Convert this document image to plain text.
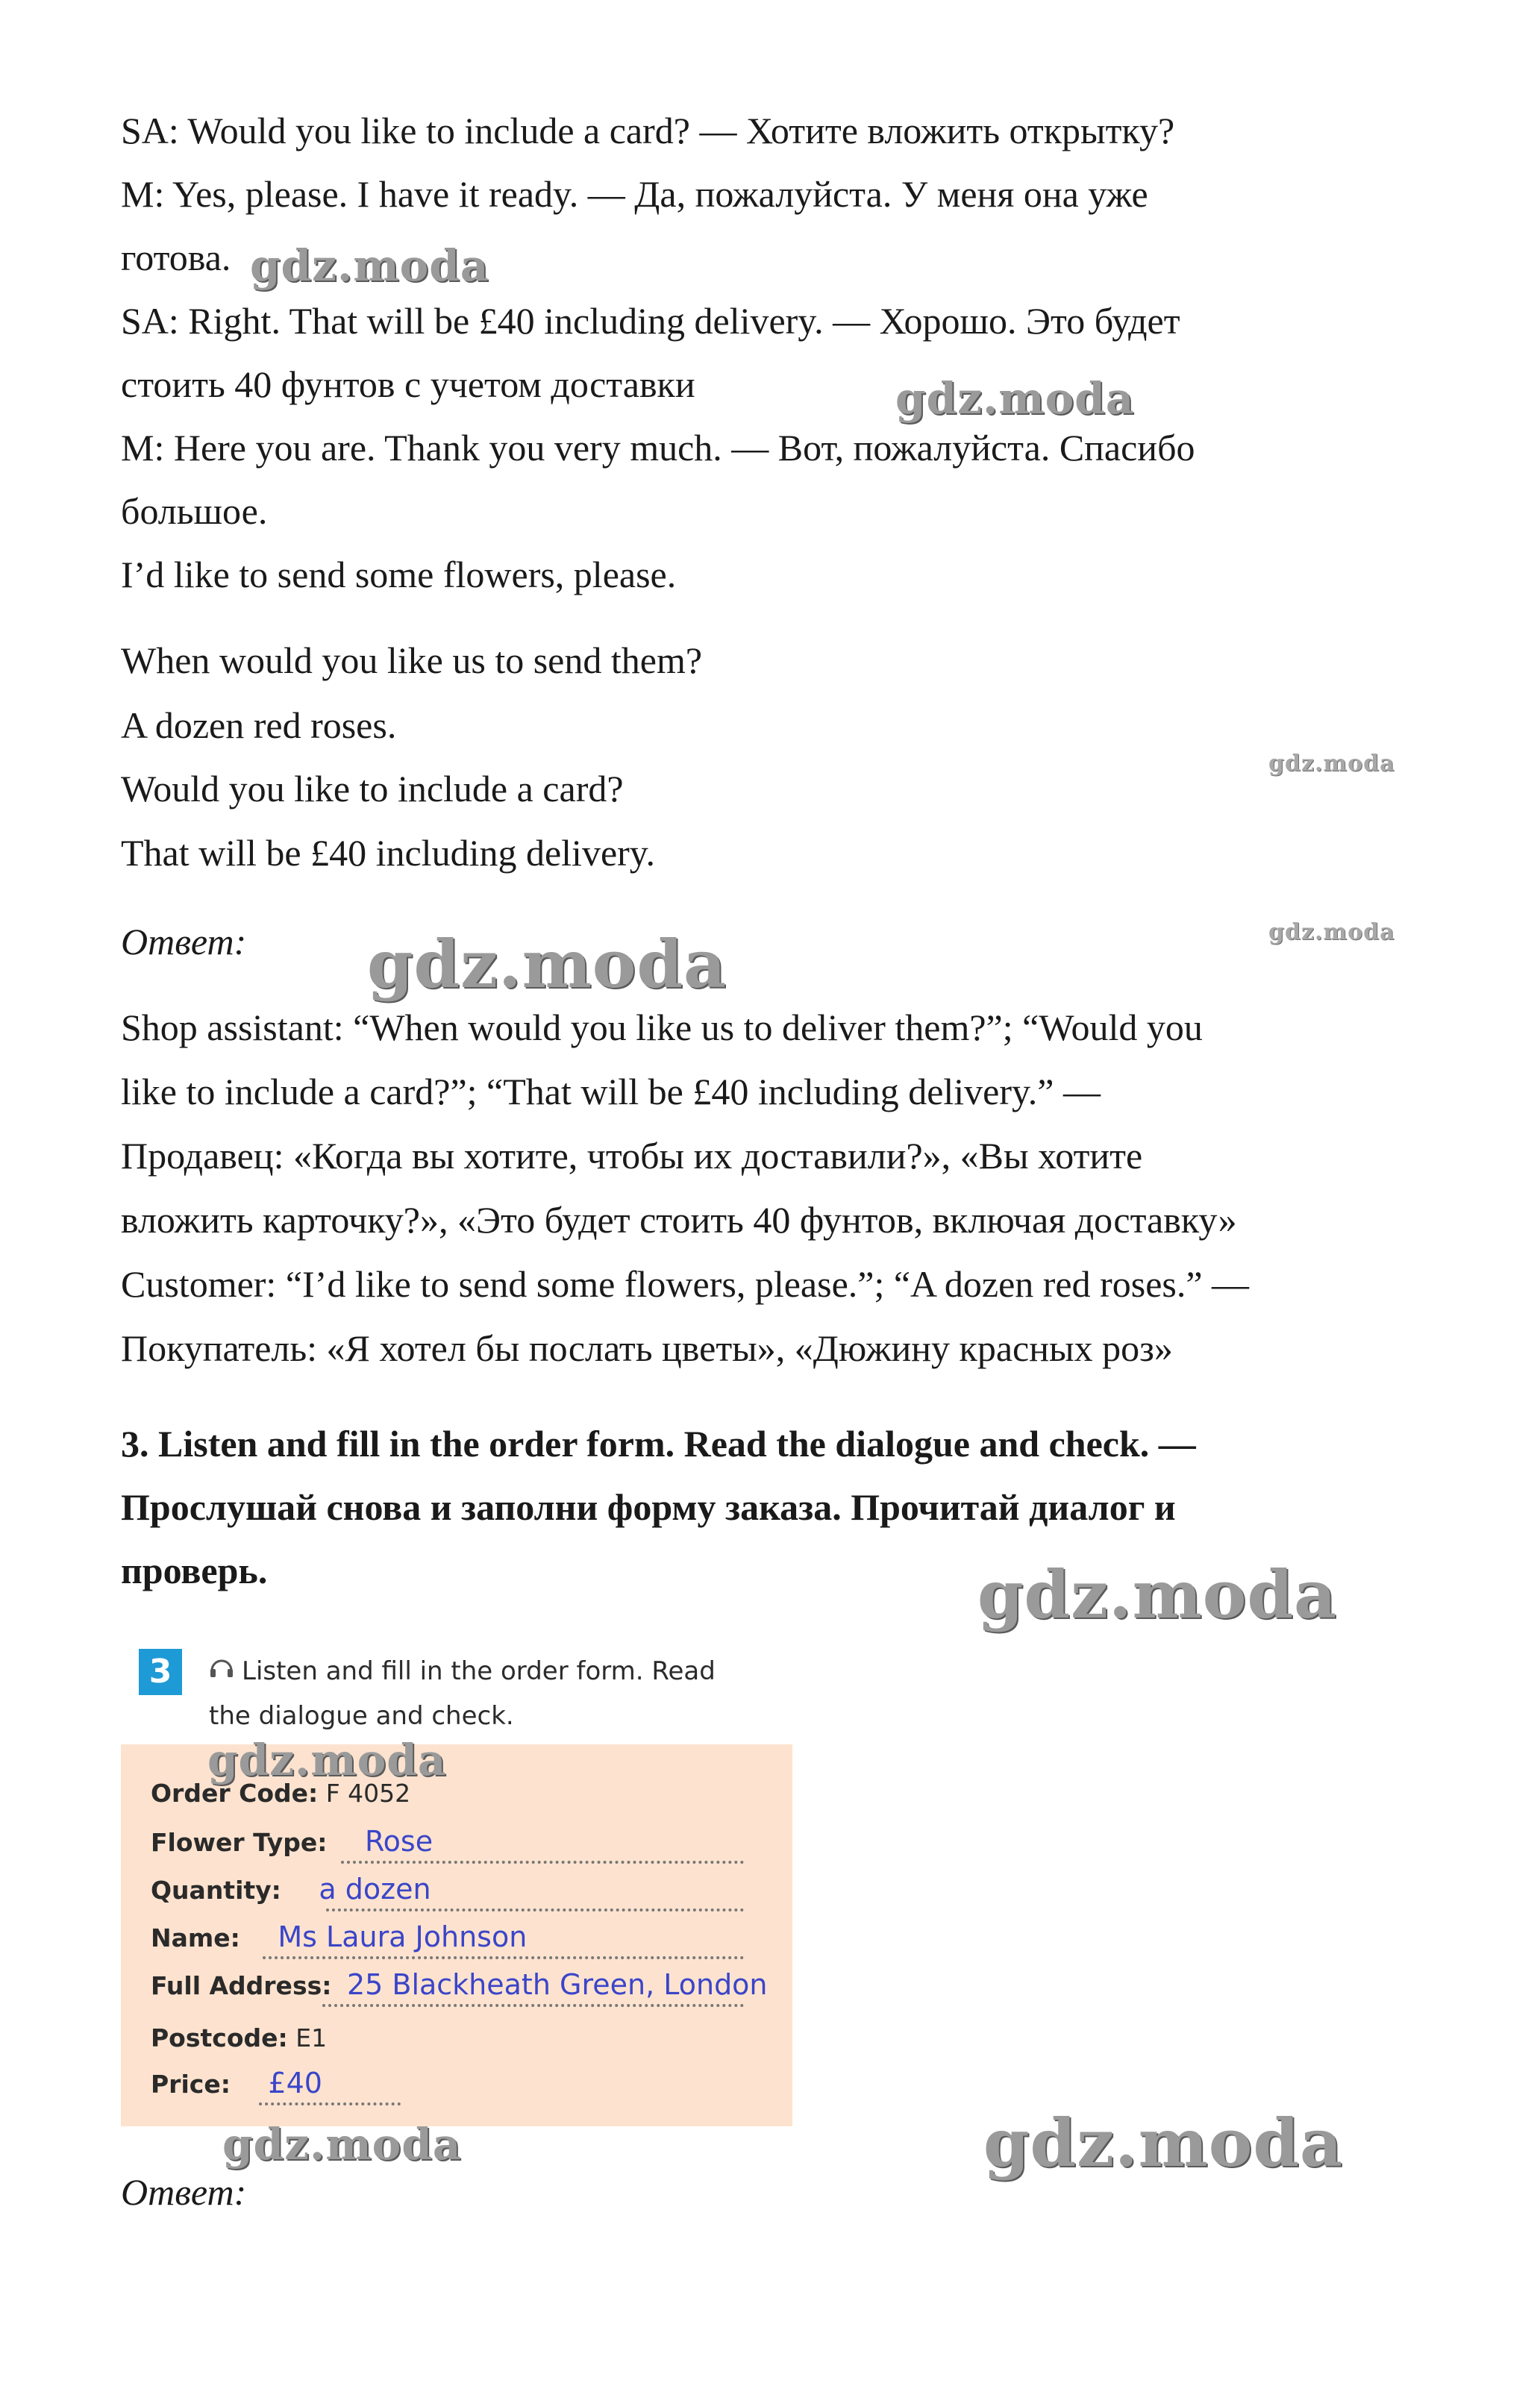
SA: Would you like to include a card? — Хотите вложить открытку?

M: Yes, please. I have it ready. — Да, пожалуйста. У меня она уже

готова.

SA: Right. That will be £40 including delivery. — Хорошо. Это будет

стоить 40 фунтов с учетом доставки

M: Here you are. Thank you very much. — Вот, пожалуйста. Спасибо

большое.

I’d like to send some flowers, please.

When would you like us to send them?

A dozen red roses.

Would you like to include a card?

That will be £40 including delivery.

Ответ:

Shop assistant: “When would you like us to deliver them?”; “Would you

like to include a card?”; “That will be £40 including delivery.” —

Продавец: «Когда вы хотите, чтобы их доставили?», «Вы хотите

вложить карточку?», «Это будет стоить 40 фунтов, включая доставку»

Customer: “I’d like to send some flowers, please.”; “A dozen red roses.” —

Покупатель: «Я хотел бы послать цветы», «Дюжину красных роз»

3. Listen and fill in the order form. Read the dialogue and check. —

Прослушай снова и заполни форму заказа. Прочитай диалог и

проверь.

3	Listen and fill in the order form. Read
the dialogue and check.
Order Code: F 4052
Flower Type: Rose
Quantity: a dozen
Name: Ms Laura Johnson
Full Address: 25 Blackheath Green, London
Postcode: E1
Price: £40

Ответ:

gdz.moda
gdz.moda
gdz.moda
gdz.moda
gdz.moda
gdz.moda
gdz.moda
gdz.moda	gdz.moda
